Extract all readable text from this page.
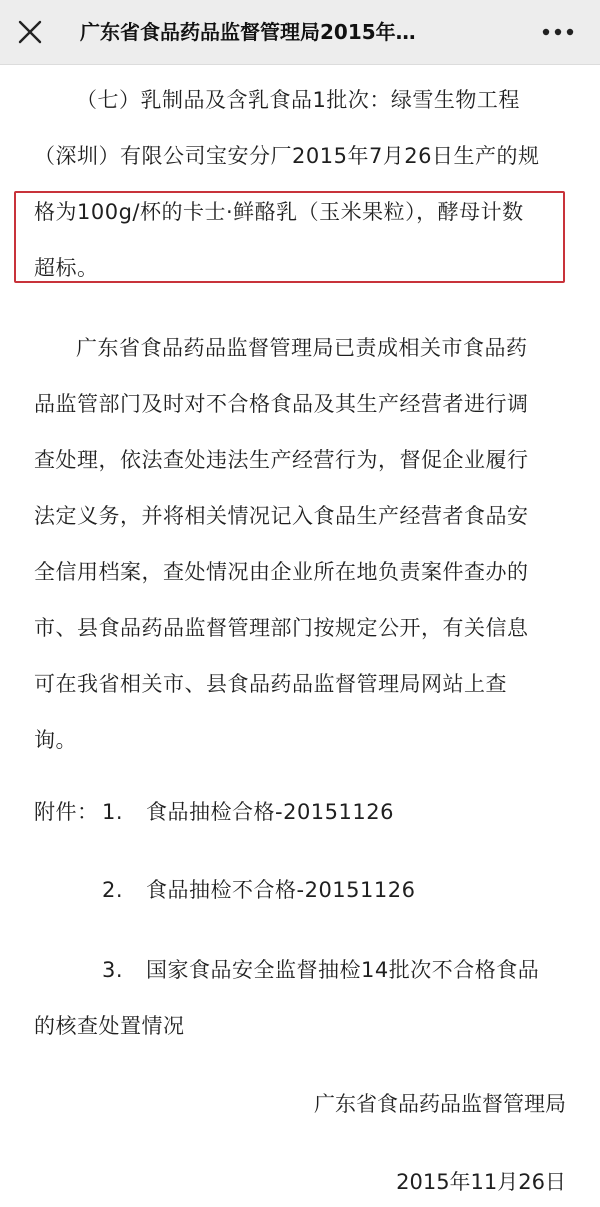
广东省食品药品监督管理局2015年…
（七）乳制品及含乳食品1批次：绿雪生物工程
（深圳）有限公司宝安分厂2015年7月26日生产的规
格为100g/杯的卡士·鲜酪乳（玉米果粒），酵母计数
超标。
广东省食品药品监督管理局已责成相关市食品药
品监管部门及时对不合格食品及其生产经营者进行调
查处理，依法查处违法生产经营行为，督促企业履行
法定义务，并将相关情况记入食品生产经营者食品安
全信用档案，查处情况由企业所在地负责案件查办的
市、县食品药品监督管理部门按规定公开，有关信息
可在我省相关市、县食品药品监督管理局网站上查
询。
附件： 1. 食品抽检合格-20151126
2. 食品抽检不合格-20151126
3. 国家食品安全监督抽检14批次不合格食品
的核查处置情况
广东省食品药品监督管理局
2015年11月26日
